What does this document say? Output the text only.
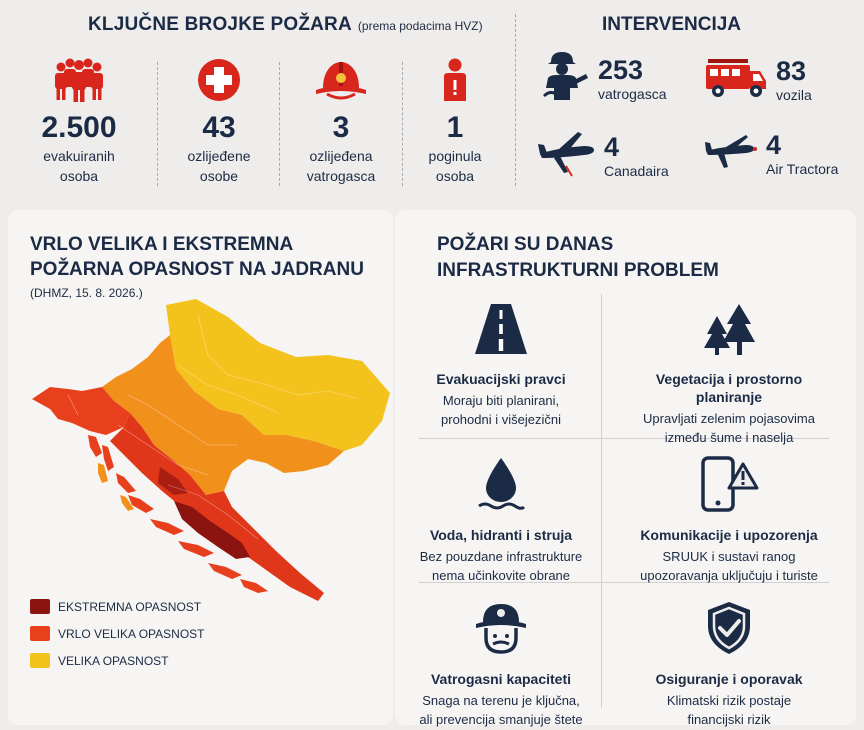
KLJUČNE BROJKE POŽARA (prema podacima HVZ)	INTERVENCIJA
2.500
evakuiranih
osoba
43
ozlijeđene
osobe
3
ozlijeđena
vatrogasca
1
poginula
osoba
253
vatrogasca
83
vozila
4
Canadaira
4
Air Tractora
VRLO VELIKA I EKSTREMNA
POŽARNA OPASNOST NA JADRANU
(DHMZ, 15. 8. 2026.)
EKSTREMNA OPASNOST
VRLO VELIKA OPASNOST
VELIKA OPASNOST
POŽARI SU DANAS
INFRASTRUKTURNI PROBLEM
Evakuacijski pravci
Moraju biti planirani,
prohodni i višejezični
Vegetacija i prostorno planiranje
Upravljati zelenim pojasovima
između šume i naselja
Voda, hidranti i struja
Bez pouzdane infrastrukture
nema učinkovite obrane
Komunikacije i upozorenja
SRUUK i sustavi ranog
upozoravanja uključuju i turiste
Vatrogasni kapaciteti
Snaga na terenu je ključna,
ali prevencija smanjuje štete
Osiguranje i oporavak
Klimatski rizik postaje
financijski rizik
